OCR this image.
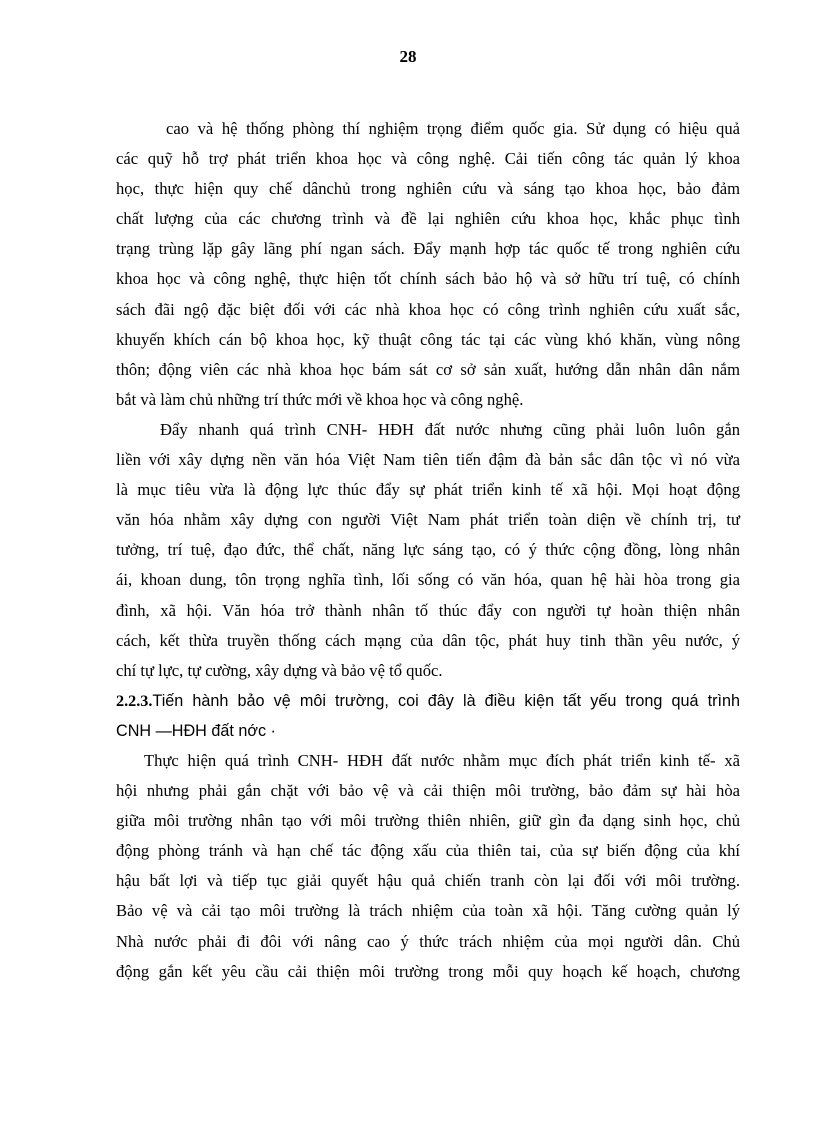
28
cao và hệ thống phòng thí nghiệm trọng điểm quốc gia. Sử dụng có hiệu quả
các quỹ hỗ trợ phát triển khoa học và công nghệ. Cải tiến công tác quản lý khoa
học, thực hiện quy chế dânchủ trong nghiên cứu và sáng tạo khoa học, bảo đảm
chất lượng của các chương trình và đề lại nghiên cứu khoa học, khắc phục tình
trạng trùng lặp gây lãng phí ngan sách. Đẩy mạnh hợp tác quốc tế trong nghiên cứu
khoa học và công nghệ, thực hiện tốt chính sách bảo hộ và sở hữu trí tuệ, có chính
sách đãi ngộ đặc biệt đối với các nhà khoa học có công trình nghiên cứu xuất sắc,
khuyến khích cán bộ khoa học, kỹ thuật công tác tại các vùng khó khăn, vùng nông
thôn; động viên các nhà khoa học bám sát cơ sở sản xuất, hướng dẫn nhân dân nắm
bắt và làm chủ những trí thức mới về khoa học và công nghệ.
Đẩy nhanh quá trình CNH- HĐH đất nước nhưng cũng phải luôn luôn gắn
liền với xây dựng nền văn hóa Việt Nam tiên tiến đậm đà bản sắc dân tộc vì nó vừa
là mục tiêu vừa là động lực thúc đẩy sự phát triển kinh tế xã hội. Mọi hoạt động
văn hóa nhằm xây dựng con người Việt Nam phát triển toàn diện về chính trị, tư
tưởng, trí tuệ, đạo đức, thể chất, năng lực sáng tạo, có ý thức cộng đồng, lòng nhân
ái, khoan dung, tôn trọng nghĩa tình, lối sống có văn hóa, quan hệ hài hòa trong gia
đình, xã hội. Văn hóa trở thành nhân tố thúc đẩy con người tự hoàn thiện nhân
cách, kết thừa truyền thống cách mạng của dân tộc, phát huy tinh thần yêu nước, ý
chí tự lực, tự cường, xây dựng và bảo vệ tổ quốc.
2.2.3.Tiến hành bảo vệ môi trường, coi đây là điều kiện tất yếu trong quá trình
CNH —HĐH đất nớc ·
Thực hiện quá trình CNH- HĐH đất nước nhằm mục đích phát triển kinh tế- xã
hội nhưng phải gắn chặt với bảo vệ và cải thiện môi trường, bảo đảm sự hài hòa
giữa môi trường nhân tạo với môi trường thiên nhiên, giữ gìn đa dạng sinh học, chủ
động phòng tránh và hạn chế tác động xấu của thiên tai, của sự biến động của khí
hậu bất lợi và tiếp tục giải quyết hậu quả chiến tranh còn lại đối với môi trường.
Bảo vệ và cải tạo môi trường là trách nhiệm của toàn xã hội. Tăng cường quản lý
Nhà nước phải đi đôi với nâng cao ý thức trách nhiệm của mọi người dân. Chủ
động gắn kết yêu cầu cải thiện môi trường trong mỗi quy hoạch kế hoạch, chương
